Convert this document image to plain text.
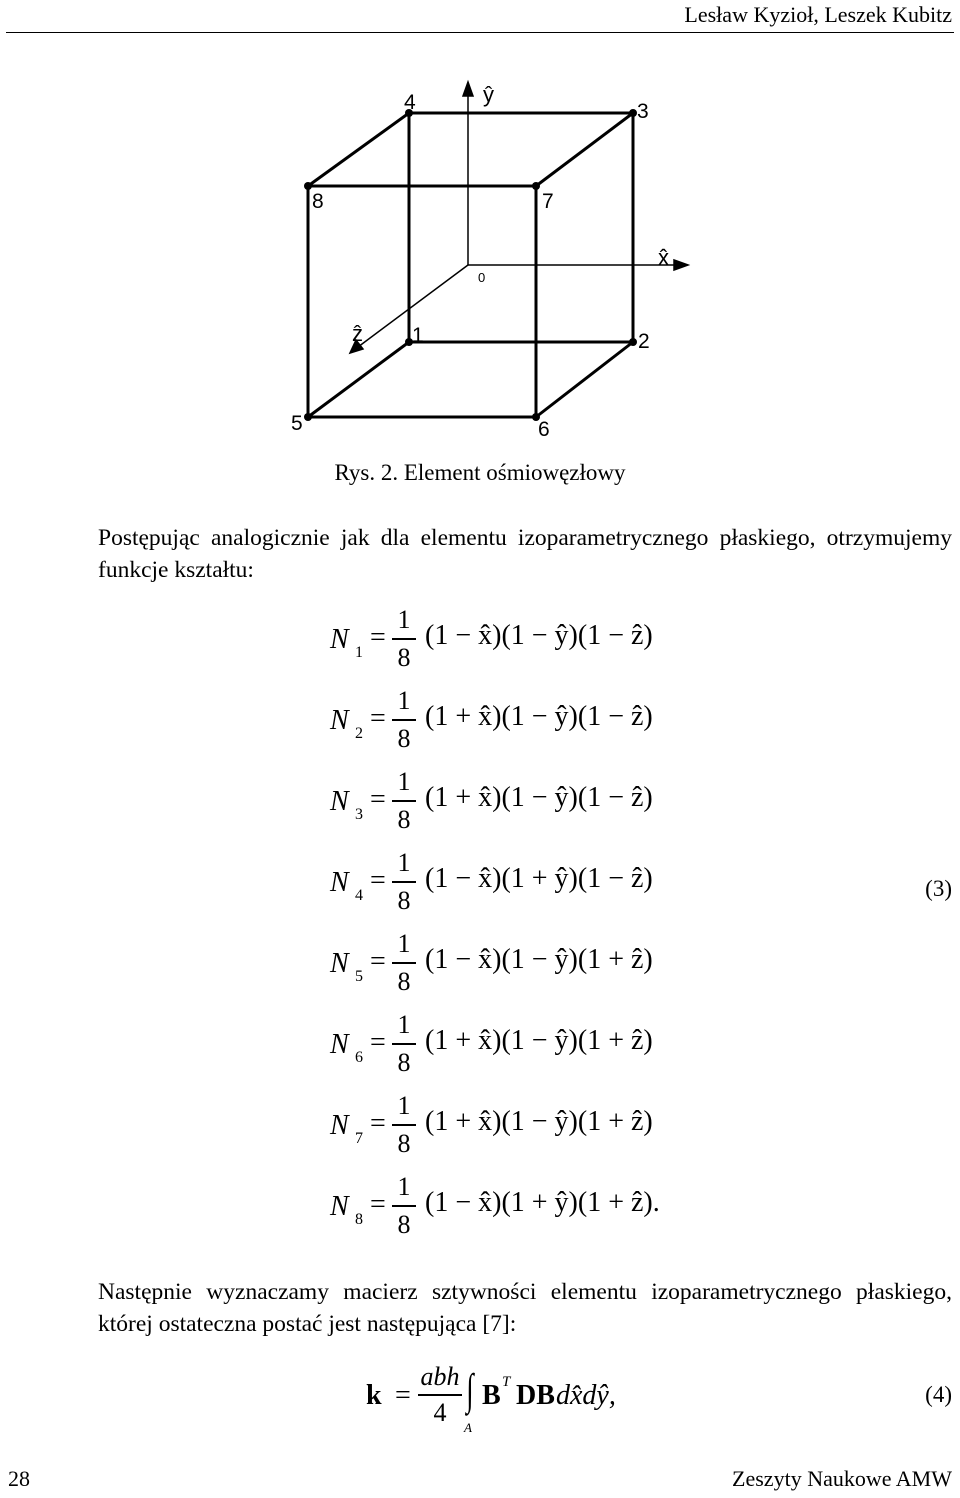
Lesław Kyzioł, Leszek Kubitz
1	2
3
4
5	6
7
8
0
ŷ
x̂
ẑ
Rys. 2. Element ośmiowęzłowy
Postępując analogicznie jak dla elementu izoparametrycznego płaskiego, otrzymujemy funkcje kształtu:
N 1 =
1
8
(1 − x̂)(1 − ŷ)(1 − ẑ)
N 2 =
1
8
(1 + x̂)(1 − ŷ)(1 − ẑ)
N 3 =
1
8
(1 + x̂)(1 − ŷ)(1 − ẑ)
N 4 =
1
8
(1 − x̂)(1 + ŷ)(1 − ẑ)
N 5 =
1
8
(1 − x̂)(1 − ŷ)(1 + ẑ)
N 6 =
1
8
(1 + x̂)(1 − ŷ)(1 + ẑ)
N 7 =
1
8
(1 + x̂)(1 − ŷ)(1 + ẑ)
N 8 =
1
8
(1 − x̂)(1 + ŷ)(1 + ẑ).
(3)
Następnie wyznaczamy macierz sztywności elementu izoparametrycznego płaskiego, której ostateczna postać jest następująca [7]:
k =
abh
4 ∫
A
B T DB dx̂dŷ,	(4)
28	Zeszyty Naukowe AMW
